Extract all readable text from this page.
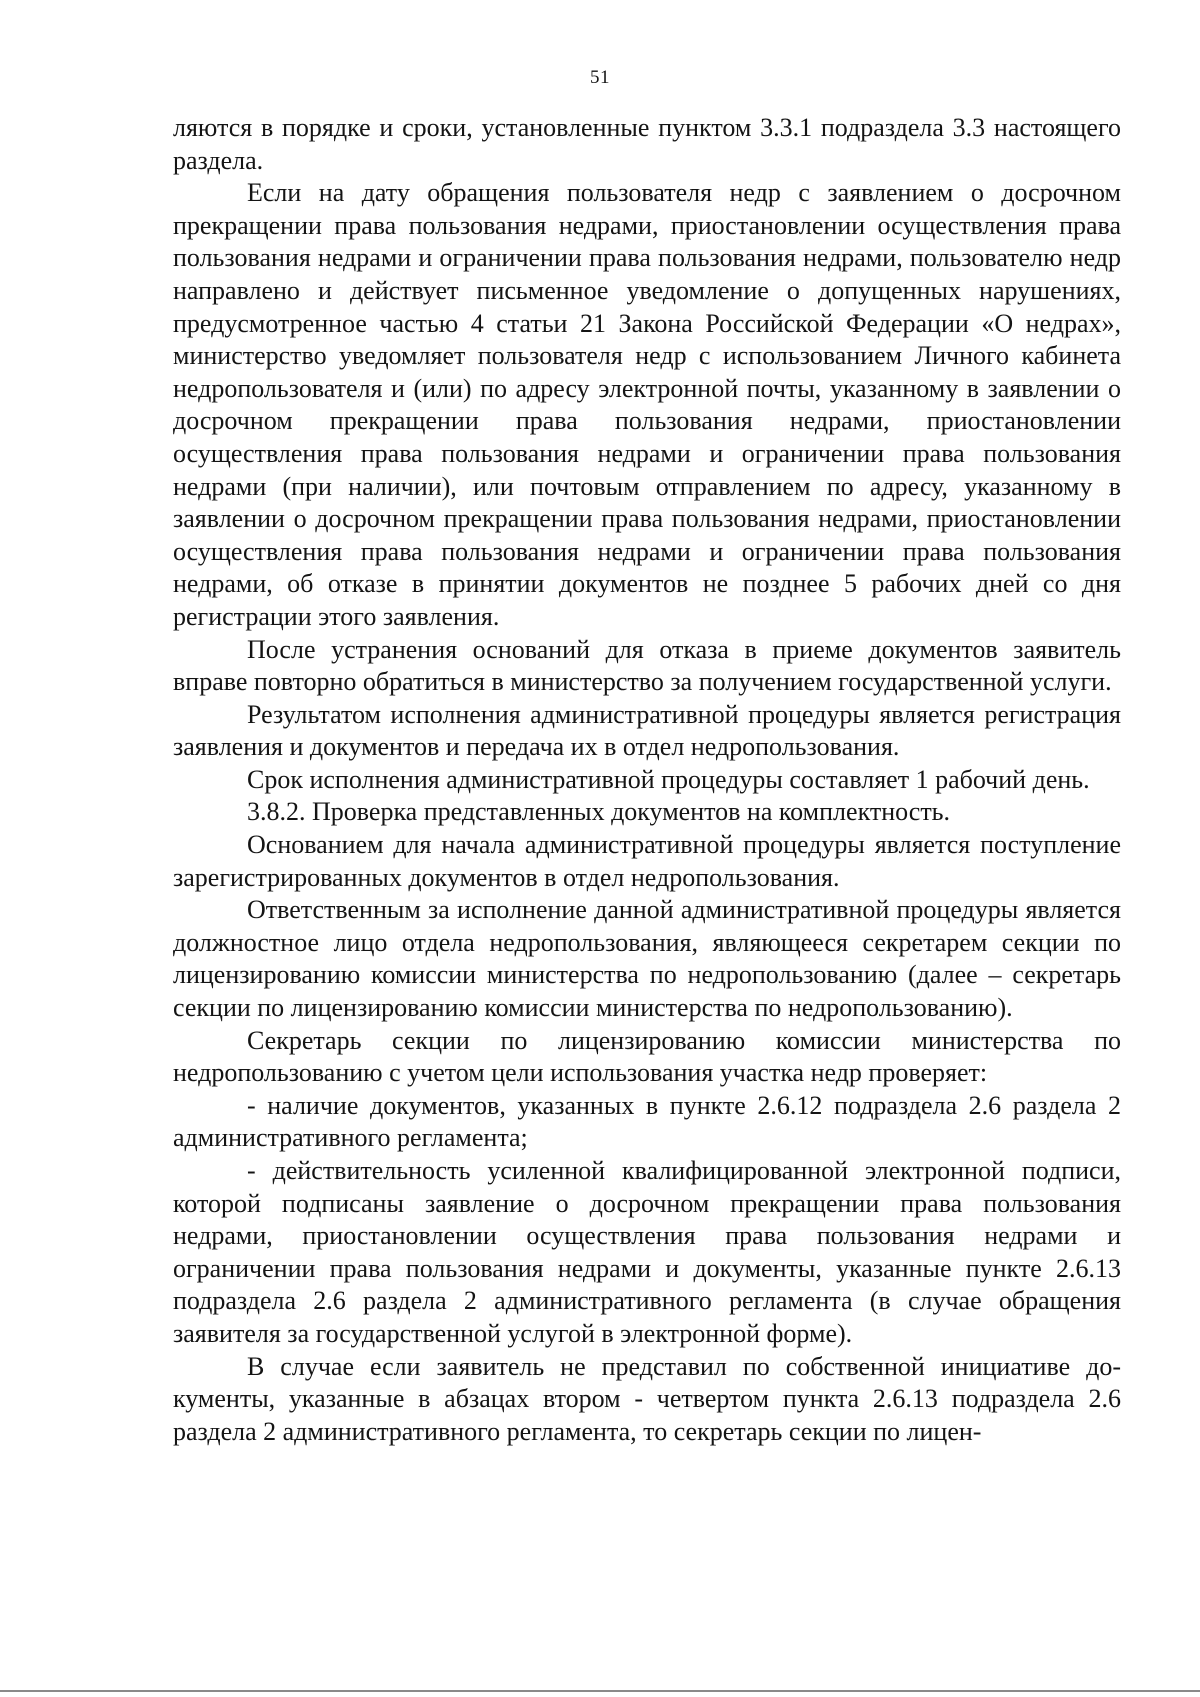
51

ляются в порядке и сроки, установленные пунктом 3.3.1 подраздела 3.3 настоящего раздела.

Если на дату обращения пользователя недр с заявлением о досрочном прекращении права пользования недрами, приостановлении осуществления права пользования недрами и ограничении права пользования недрами, пользователю недр направлено и действует письменное уведомление о допущенных нарушениях, предусмотренное частью 4 статьи 21 Закона Российской Федерации «О недрах», министерство уведомляет пользователя недр с использованием Личного кабинета недропользователя и (или) по адресу электронной почты, указанному в заявлении о досрочном прекращении права пользования недрами, приостановлении осуществления права пользования недрами и ограничении права пользования недрами (при наличии), или почтовым отправлением по адресу, указанному в заявлении о досрочном прекращении права пользования недрами, приостановлении осуществления права пользования недрами и ограничении права пользования недрами, об отказе в принятии документов не позднее 5 рабочих дней со дня регистрации этого заявления.

После устранения оснований для отказа в приеме документов заявитель вправе повторно обратиться в министерство за получением государственной услуги.

Результатом исполнения административной процедуры является регистрация заявления и документов и передача их в отдел недропользования.

Срок исполнения административной процедуры составляет 1 рабочий день.

3.8.2. Проверка представленных документов на комплектность.

Основанием для начала административной процедуры является поступление зарегистрированных документов в отдел недропользования.

Ответственным за исполнение данной административной процедуры является должностное лицо отдела недропользования, являющееся секретарем секции по лицензированию комиссии министерства по недропользованию (далее – секретарь секции по лицензированию комиссии министерства по недропользованию).

Секретарь секции по лицензированию комиссии министерства по недропользованию с учетом цели использования участка недр проверяет:

- наличие документов, указанных в пункте 2.6.12 подраздела 2.6 раздела 2 административного регламента;

- действительность усиленной квалифицированной электронной подписи, которой подписаны заявление о досрочном прекращении права пользования недрами, приостановлении осуществления права пользования недрами и ограничении права пользования недрами и документы, указанные пункте 2.6.13 подраздела 2.6 раздела 2 административного регламента (в случае обращения заявителя за государственной услугой в электронной форме).

В случае если заявитель не представил по собственной инициативе документы, указанные в абзацах втором - четвертом пункта 2.6.13 подраздела 2.6 раздела 2 административного регламента, то секретарь секции по лицен-
